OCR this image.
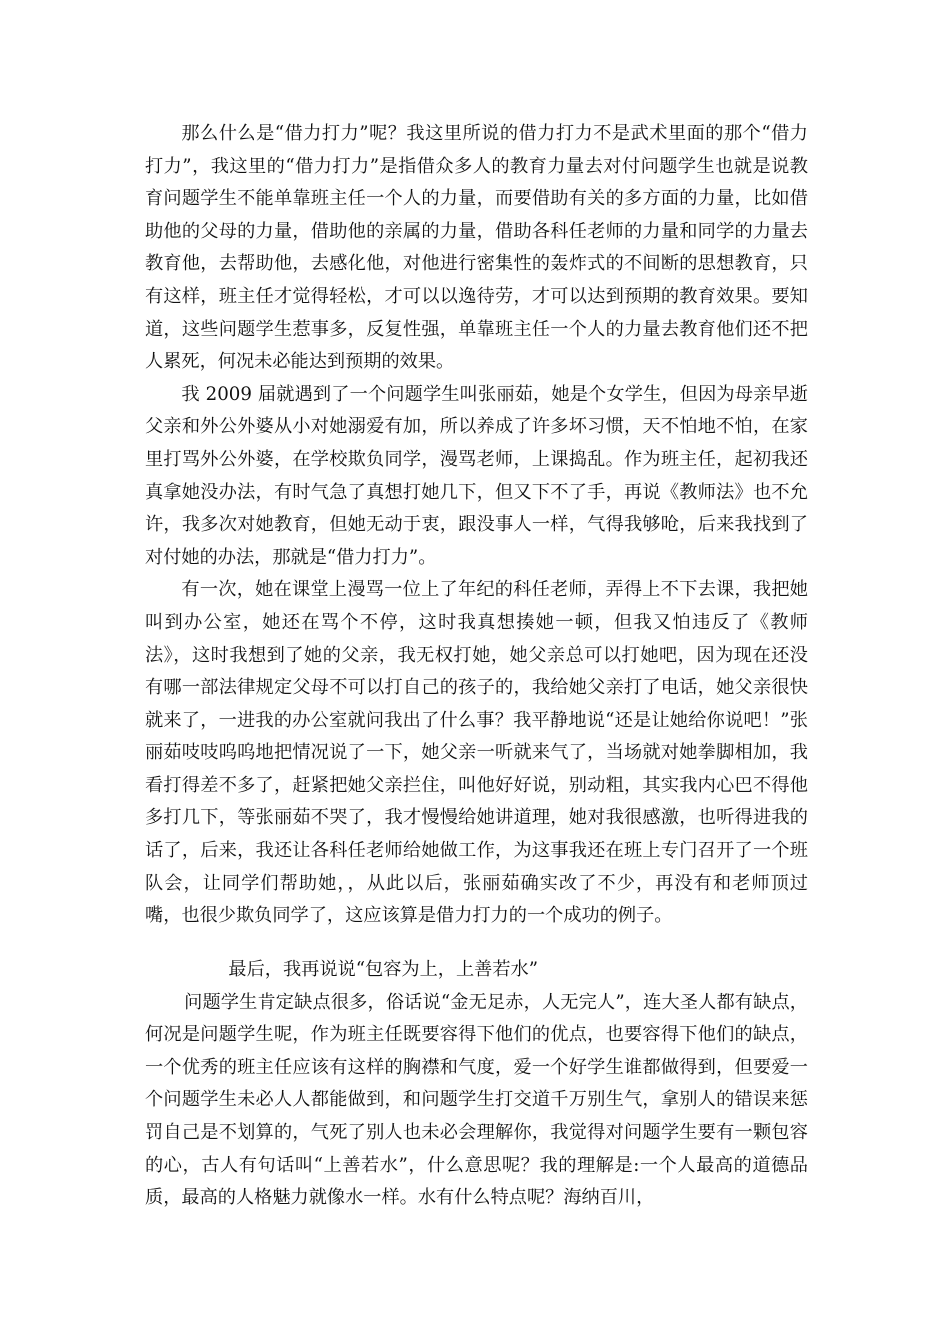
那么什么是“借力打力”呢？我这里所说的借力打力不是武术里面的那个“借力打力”，我这里的“借力打力”是指借众多人的教育力量去对付问题学生也就是说教育问题学生不能单靠班主任一个人的力量，而要借助有关的多方面的力量，比如借助他的父母的力量，借助他的亲属的力量，借助各科任老师的力量和同学的力量去教育他，去帮助他，去感化他，对他进行密集性的轰炸式的不间断的思想教育，只有这样，班主任才觉得轻松，才可以以逸待劳，才可以达到预期的教育效果。要知道，这些问题学生惹事多，反复性强，单靠班主任一个人的力量去教育他们还不把人累死，何况未必能达到预期的效果。

我 2009 届就遇到了一个问题学生叫张丽茹，她是个女学生，但因为母亲早逝父亲和外公外婆从小对她溺爱有加，所以养成了许多坏习惯，天不怕地不怕，在家里打骂外公外婆，在学校欺负同学，漫骂老师，上课捣乱。作为班主任，起初我还真拿她没办法，有时气急了真想打她几下，但又下不了手，再说《教师法》也不允许，我多次对她教育，但她无动于衷，跟没事人一样，气得我够呛，后来我找到了对付她的办法，那就是“借力打力”。

有一次，她在课堂上漫骂一位上了年纪的科任老师，弄得上不下去课，我把她叫到办公室，她还在骂个不停，这时我真想揍她一顿，但我又怕违反了《教师法》，这时我想到了她的父亲，我无权打她，她父亲总可以打她吧，因为现在还没有哪一部法律规定父母不可以打自己的孩子的，我给她父亲打了电话，她父亲很快就来了，一进我的办公室就问我出了什么事？我平静地说“还是让她给你说吧！”张丽茹吱吱呜呜地把情况说了一下，她父亲一听就来气了，当场就对她拳脚相加，我看打得差不多了，赶紧把她父亲拦住，叫他好好说，别动粗，其实我内心巴不得他多打几下，等张丽茹不哭了，我才慢慢给她讲道理，她对我很感激，也听得进我的话了，后来，我还让各科任老师给她做工作，为这事我还在班上专门召开了一个班队会，让同学们帮助她，，从此以后，张丽茹确实改了不少，再没有和老师顶过嘴，也很少欺负同学了，这应该算是借力打力的一个成功的例子。

最后，我再说说“包容为上，上善若水”

问题学生肯定缺点很多，俗话说“金无足赤，人无完人”，连大圣人都有缺点，何况是问题学生呢，作为班主任既要容得下他们的优点，也要容得下他们的缺点，一个优秀的班主任应该有这样的胸襟和气度，爱一个好学生谁都做得到，但要爱一个问题学生未必人人都能做到，和问题学生打交道千万别生气，拿别人的错误来惩罚自己是不划算的，气死了别人也未必会理解你，我觉得对问题学生要有一颗包容的心，古人有句话叫“上善若水”，什么意思呢？我的理解是:一个人最高的道德品质，最高的人格魅力就像水一样。水有什么特点呢？海纳百川，
